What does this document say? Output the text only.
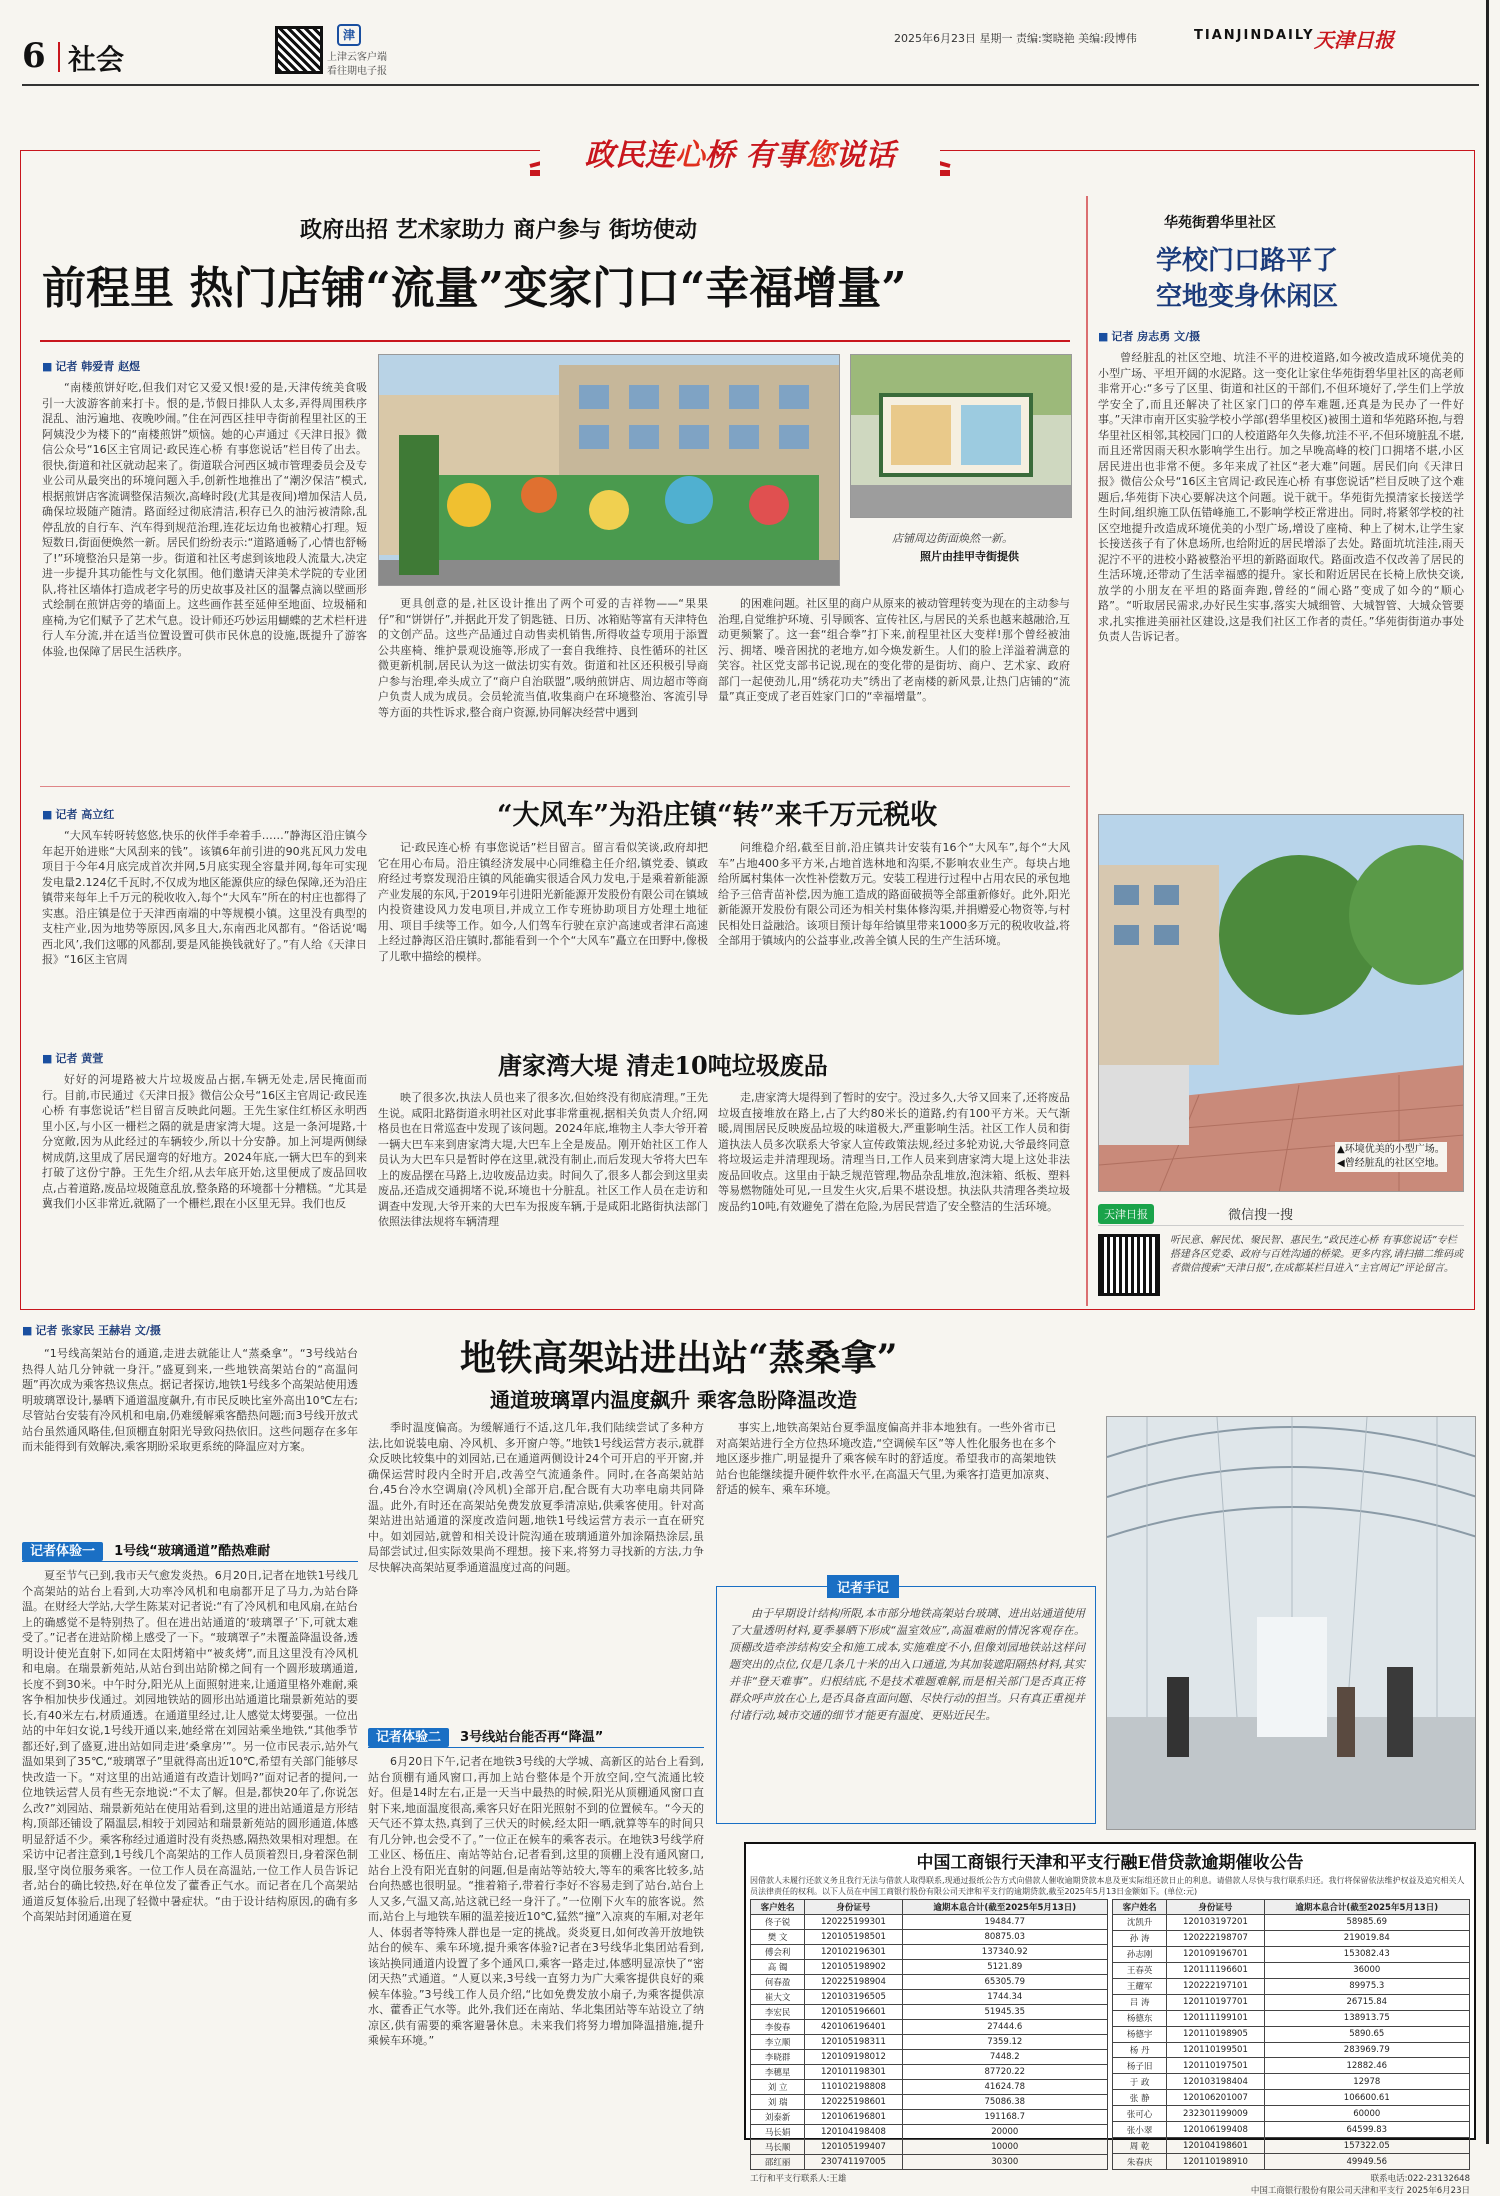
6 社会
津
上津云客户端
看往期电子报
2025年6月23日 星期一 责编:窦晓艳 美编:段博伟	TIANJINDAILY 天津日报
政民连心桥 有事您说话
政府出招 艺术家助力 商户参与 街坊使动
前程里 热门店铺“流量”变家门口“幸福增量”
■ 记者 韩爱青 赵煜

“南楼煎饼好吃,但我们对它又爱又恨!爱的是,天津传统美食吸引一大波游客前来打卡。恨的是,节假日排队人太多,弄得周围秩序混乱、油污遍地、夜晚吵闹。”住在河西区挂甲寺街前程里社区的王阿姨没少为楼下的“南楼煎饼”烦恼。她的心声通过《天津日报》微信公众号“16区主官周记·政民连心桥 有事您说话”栏目传了出去。很快,街道和社区就动起来了。街道联合河西区城市管理委员会及专业公司从最突出的环境问题入手,创新性地推出了“潮汐保洁”模式,根据煎饼店客流调整保洁频次,高峰时段(尤其是夜间)增加保洁人员,确保垃圾随产随清。路面经过彻底清洁,积存已久的油污被清除,乱停乱放的自行车、汽车得到规范治理,连花坛边角也被精心打理。短短数日,街面便焕然一新。居民们纷纷表示:“道路通畅了,心情也舒畅了!”环境整治只是第一步。街道和社区考虑到该地段人流量大,决定进一步提升其功能性与文化氛围。他们邀请天津美术学院的专业团队,将社区墙体打造成老字号的历史故事及社区的温馨点滴以壁画形式绘制在煎饼店旁的墙面上。这些画作甚至延伸至地面、垃圾桶和座椅,为它们赋予了艺术气息。设计师还巧妙运用蝴蝶的艺术栏杆进行人车分流,并在适当位置设置可供市民休息的设施,既提升了游客体验,也保障了居民生活秩序。

店铺周边街面焕然一新。
照片由挂甲寺街提供

更具创意的是,社区设计推出了两个可爱的吉祥物——“果果仔”和“饼饼仔”,并据此开发了钥匙链、日历、冰箱贴等富有天津特色的文创产品。这些产品通过自动售卖机销售,所得收益专项用于添置公共座椅、维护景观设施等,形成了一套自我维持、良性循环的社区微更新机制,居民认为这一做法切实有效。街道和社区还积极引导商户参与治理,牵头成立了“商户自治联盟”,吸纳煎饼店、周边超市等商户负责人成为成员。会员轮流当值,收集商户在环境整治、客流引导等方面的共性诉求,整合商户资源,协同解决经营中遇到

的困难问题。社区里的商户从原来的被动管理转变为现在的主动参与治理,自觉维护环境、引导顾客、宣传社区,与居民的关系也越来越融洽,互动更频繁了。这一套“组合拳”打下来,前程里社区大变样!那个曾经被油污、拥堵、噪音困扰的老地方,如今焕发新生。人们的脸上洋溢着满意的笑容。社区党支部书记说,现在的变化带的是街坊、商户、艺术家、政府部门一起使劲儿,用“绣花功夫”绣出了老南楼的新风景,让热门店铺的“流量”真正变成了老百姓家门口的“幸福增量”。

华苑街碧华里社区
学校门口路平了
空地变身休闲区
■ 记者 房志勇 文/摄

曾经脏乱的社区空地、坑洼不平的进校道路,如今被改造成环境优美的小型广场、平坦开阔的水泥路。这一变化让家住华苑街碧华里社区的高老师非常开心:“多亏了区里、街道和社区的干部们,不但环境好了,学生们上学放学安全了,而且还解决了社区家门口的停车难题,还真是为民办了一件好事。”天津市南开区实验学校小学部(碧华里校区)被围土道和华苑路环抱,与碧华里社区相邻,其校园门口的人校道路年久失修,坑洼不平,不但环境脏乱不堪,而且还常因雨天积水影响学生出行。加之早晚高峰的校门口拥堵不堪,小区居民进出也非常不便。多年来成了社区“老大难”问题。居民们向《天津日报》微信公众号“16区主官周记·政民连心桥 有事您说话”栏目反映了这个难题后,华苑街下决心要解决这个问题。说干就干。华苑街先摸清家长接送学生时间,组织施工队伍错峰施工,不影响学校正常进出。同时,将紧邻学校的社区空地提升改造成环境优美的小型广场,增设了座椅、种上了树木,让学生家长接送孩子有了休息场所,也给附近的居民增添了去处。路面坑坑洼洼,雨天泥泞不平的进校小路被整治平坦的新路面取代。路面改造不仅改善了居民的生活环境,还带动了生活幸福感的提升。家长和附近居民在长椅上欣快交谈,放学的小朋友在平坦的路面奔跑,曾经的“闹心路”变成了如今的“顺心路”。“听取居民需求,办好民生实事,落实大城细管、大城智管、大城众管要求,扎实推进美丽社区建设,这是我们社区工作者的责任。”华苑街街道办事处负责人告诉记者。

▲环境优美的小型广场。
◀曾经脏乱的社区空地。
“大风车”为沿庄镇“转”来千万元税收
■ 记者 高立红

“大风车转呀转悠悠,快乐的伙伴手牵着手……”静海区沿庄镇今年起开始进账“大风刮来的钱”。该镇6年前引进的90兆瓦风力发电项目于今年4月底完成首次并网,5月底实现全容量并网,每年可实现发电量2.124亿千瓦时,不仅成为地区能源供应的绿色保障,还为沿庄镇带来每年上千万元的税收收入,每个“大风车”所在的村庄也都得了实惠。沿庄镇是位于天津西南端的中等规模小镇。这里没有典型的支柱产业,因为地势等原因,风多且大,东南西北风都有。“俗话说‘喝西北风’,我们这哪的风都刮,要是风能换钱就好了。”有人给《天津日报》“16区主官周

记·政民连心桥 有事您说话”栏目留言。留言看似笑谈,政府却把它在用心布局。沿庄镇经济发展中心同维稳主任介绍,镇党委、镇政府经过考察发现沿庄镇的风能确实很适合风力发电,于是乘着新能源产业发展的东风,于2019年引进阳光新能源开发股份有限公司在镇域内投资建设风力发电项目,并成立工作专班协助项目方处理土地征用、项目手续等工作。如今,人们驾车行驶在京沪高速或者津石高速上经过静海区沿庄镇时,都能看到一个个“大风车”矗立在田野中,像极了儿歌中描绘的模样。

问维稳介绍,截至目前,沿庄镇共计安装有16个“大风车”,每个“大风车”占地400多平方米,占地首选林地和沟渠,不影响农业生产。每块占地给所属村集体一次性补偿数万元。安装工程进行过程中占用农民的承包地给予三倍青苗补偿,因为施工造成的路面破损等全部重新修好。此外,阳光新能源开发股份有限公司还为相关村集体修沟渠,并捐赠爱心物资等,与村民相处日益融洽。该项目预计每年给镇里带来1000多万元的税收收益,将全部用于镇域内的公益事业,改善全镇人民的生产生活环境。

唐家湾大堤 清走10吨垃圾废品
■ 记者 黄萱

好好的河堤路被大片垃圾废品占据,车辆无处走,居民掩面而行。目前,市民通过《天津日报》微信公众号“16区主官周记·政民连心桥 有事您说话”栏目留言反映此问题。王先生家住红桥区永明西里小区,与小区一栅栏之隔的就是唐家湾大堤。这是一条河堤路,十分宽敞,因为从此经过的车辆较少,所以十分安静。加上河堤两侧绿树成荫,这里成了居民遛弯的好地方。2024年底,一辆大巴车的到来打破了这份宁静。王先生介绍,从去年底开始,这里便成了废品回收点,占着道路,废品垃圾随意乱放,整条路的环境都十分糟糕。“尤其是冀我们小区非常近,就隔了一个栅栏,跟在小区里无异。我们也反

映了很多次,执法人员也来了很多次,但始终没有彻底清理。”王先生说。咸阳北路街道永明社区对此事非常重视,据相关负责人介绍,网格员也在日常巡查中发现了该问题。2024年底,堆物主人李大爷开着一辆大巴车来到唐家湾大堤,大巴车上全是废品。刚开始社区工作人员认为大巴车只是暂时停在这里,就没有制止,而后发现大爷将大巴车上的废品摆在马路上,边收废品边卖。时间久了,很多人都会到这里卖废品,还造成交通拥堵不说,环境也十分脏乱。社区工作人员在走访和调查中发现,大爷开来的大巴车为报废车辆,于是咸阳北路街执法部门依照法律法规将车辆清理

走,唐家湾大堤得到了暂时的安宁。没过多久,大爷又回来了,还将废品垃圾直接堆放在路上,占了大约80米长的道路,约有100平方米。天气渐暖,周围居民反映废品垃圾的味道极大,严重影响生活。社区工作人员和街道执法人员多次联系大爷家人宣传政策法规,经过多轮劝说,大爷最终同意将垃圾运走并清理现场。清理当日,工作人员来到唐家湾大堤上这处非法废品回收点。这里由于缺乏规范管理,物品杂乱堆放,泡沫箱、纸板、塑料等易燃物随处可见,一旦发生火灾,后果不堪设想。执法队共清理各类垃圾废品约10吨,有效避免了潜在危险,为居民营造了安全整洁的生活环境。

天津日报	微信搜一搜
听民意、解民忧、聚民智、惠民生,“政民连心桥 有事您说话”专栏搭建各区党委、政府与百姓沟通的桥梁。更多内容,请扫描二维码或者微信搜索“天津日报”,在成都某栏目进入“主官周记”评论留言。
■ 记者 张家民 王赫岩 文/摄
地铁高架站进出站“蒸桑拿”
通道玻璃罩内温度飙升 乘客急盼降温改造

“1号线高架站台的通道,走进去就能让人“蒸桑拿”。“3号线站台热得人站几分钟就一身汗。”盛夏到来,一些地铁高架站台的“高温问题”再次成为乘客热议焦点。据记者探访,地铁1号线多个高架站使用透明玻璃罩设计,暴晒下通道温度飙升,有市民反映比室外高出10℃左右;尽管站台安装有冷风机和电扇,仍难缓解乘客酷热问题;而3号线开放式站台虽然通风略佳,但顶棚直射阳光导致闷热依旧。这些问题存在多年而未能得到有效解决,乘客期盼采取更系统的降温应对方案。

记者体验一 1号线“玻璃通道”酷热难耐

夏至节气已到,我市天气愈发炎热。6月20日,记者在地铁1号线几个高架站的站台上看到,大功率冷风机和电扇都开足了马力,为站台降温。在财经大学站,大学生陈某对记者说:“有了冷风机和电风扇,在站台上的确感觉不是特别热了。但在进出站通道的‘玻璃罩子’下,可就太难受了。”记者在进站阶梯上感受了一下。“玻璃罩子”未覆盖降温设备,透明设计使光直射下,如同在太阳烤箱中“被炙烤”,而且这里没有冷风机和电扇。在瑞景新苑站,从站台到出站阶梯之间有一个圆形玻璃通道,长度不到30米。中午时分,阳光从上面照射进来,让通道里格外难耐,乘客争相加快步伐通过。刘园地铁站的圆形出站通道比瑞景新苑站的要长,有40米左右,材质通透。在通道里经过,让人感觉太烤要强。一位出站的中年妇女说,1号线开通以来,她经常在刘园站乘坐地铁,“其他季节都还好,到了盛夏,进出站如同走进‘桑拿房’”。另一位市民表示,站外气温如果到了35℃,“玻璃罩子”里就得高出近10℃,希望有关部门能够尽快改造一下。“对这里的出站通道有改造计划吗?”面对记者的提问,一位地铁运营人员有些无奈地说:“不太了解。但是,都快20年了,你说怎么改?”刘园站、瑞景新苑站在使用站看到,这里的进出站通道是方形结构,顶部还铺设了隔温层,相较于刘园站和瑞景新苑站的圆形通道,体感明显舒适不少。乘客称经过通道时没有炎热感,隔热效果相对理想。在采访中记者注意到,1号线几个高架站的工作人员顶着烈日,身着深色制服,坚守岗位服务乘客。一位工作人员在高温站,一位工作人员告诉记者,站台的确比较热,好在单位发了藿香正气水。而记者在几个高架站通道反复体验后,出现了轻微中暑症状。“由于设计结构原因,的确有多个高架站封闭通道在夏

季时温度偏高。为缓解通行不适,这几年,我们陆续尝试了多种方法,比如说装电扇、冷风机、多开窗户等。”地铁1号线运营方表示,就群众反映比较集中的刘园站,已在通道两侧设计24个可开启的平开窗,并确保运营时段内全时开启,改善空气流通条件。同时,在各高架站站台,45台冷水空调扇(冷风机)全部开启,配合既有大功率电扇共同降温。此外,有时还在高架站免费发放夏季清凉贴,供乘客使用。针对高架站进出站通道的深度改造问题,地铁1号线运营方表示一直在研究中。如刘园站,就曾和相关设计院沟通在玻璃通道外加涂隔热涂层,虽局部尝试过,但实际效果尚不理想。接下来,将努力寻找新的方法,力争尽快解决高架站夏季通道温度过高的问题。

记者体验二 3号线站台能否再“降温”

6月20日下午,记者在地铁3号线的大学城、高新区的站台上看到,站台顶棚有通风窗口,再加上站台整体是个开放空间,空气流通比较好。但是14时左右,正是一天当中最热的时候,阳光从顶棚通风窗口直射下来,地面温度很高,乘客只好在阳光照射不到的位置候车。“今天的天气还不算太热,真到了三伏天的时候,经太阳一晒,就算等车的时间只有几分钟,也会受不了。”一位正在候车的乘客表示。在地铁3号线学府工业区、杨伍庄、南站等站台,记者看到,这里的顶棚上没有通风窗口,站台上没有阳光直射的问题,但是南站等站较大,等车的乘客比较多,站台向热感也很明显。“推着箱子,带着行李好不容易走到了站台,站台上人又多,气温又高,站这就已经一身汗了。”一位刚下火车的旅客说。然而,站台上与地铁车厢的温差接近10℃,猛然“撞”入凉爽的车厢,对老年人、体弱者等特殊人群也是一定的挑战。炎炎夏日,如何改善开放地铁站台的候车、乘车环境,提升乘客体验?记者在3号线华北集团站看到,该站换同通道内设置了多个通风口,乘客一路走过,体感明显凉快了“密闭天热”式通道。“人夏以来,3号线一直努力为广大乘客提供良好的乘候车体验。”3号线工作人员介绍,“比如免费发放小扇子,为乘客提供凉水、藿香正气水等。此外,我们还在南站、华北集团站等车站设立了纳凉区,供有需要的乘客避暑休息。未来我们将努力增加降温措施,提升乘候车环境。”

事实上,地铁高架站台夏季温度偏高并非本地独有。一些外省市已对高架站进行全方位热环境改造,“空调候车区”等人性化服务也在多个地区逐步推广,明显提升了乘客候车时的舒适度。希望我市的高架地铁站台也能继续提升硬件软件水平,在高温天气里,为乘客打造更加凉爽、舒适的候车、乘车环境。

记者手记
由于早期设计结构所限,本市部分地铁高架站台玻璃、进出站通道使用了大量透明材料,夏季暴晒下形成“温室效应”,高温难耐的情况客观存在。顶棚改造牵涉结构安全和施工成本,实施难度不小,但像刘园地铁站这样问题突出的点位,仅是几条几十米的出入口通道,为其加装遮阳隔热材料,其实并非“登天难事”。归根结底,不是技术难题难解,而是相关部门是否真正将群众呼声放在心上,是否具备直面问题、尽快行动的担当。只有真正重视并付诸行动,城市交通的细节才能更有温度、更贴近民生。
中国工商银行天津和平支行融E借贷款逾期催收公告
因借款人未履行还款义务且我行无法与借款人取得联系,现通过报纸公告方式向借款人催收逾期贷款本息及更实际组还款日止的利息。请借款人尽快与我行联系归还。我行将保留依法维护权益及追究相关人员法律责任的权利。以下人员在中国工商银行股份有限公司天津和平支行的逾期贷款,截至2025年5月13日金额如下。(单位:元)
客户姓名	身份证号	逾期本息合计(截至2025年5月13日)
佟子锐	120225199301	19484.77
樊 文	120105198501	80875.03
傅会利	120102196301	137340.92
高 镯	120105198902	5121.89
何春盈	120225198904	65305.79
崔大文	120103196505	1744.34
李宏民	120105196601	51945.35
李俊春	420106196401	27444.6
李立顺	120105198311	7359.12
李晓群	120109198012	7448.2
李穗星	120101198301	87720.22
刘 立	110102198808	41624.78
刘 瑞	120225198601	75086.38
刘泰新	120106196801	191168.7
马长娟	120104198408	20000
马长顺	120105199407	10000
邵红丽	230741197005	30300
客户姓名	身份证号	逾期本息合计(截至2025年5月13日)
沈凯升	120103197201	58985.69
孙 涛	120222198707	219019.84
孙志刚	120109196701	153082.43
王春英	120111196601	36000
王耀军	120222197101	89975.3
吕 涛	120110197701	26715.84
杨德东	120111199101	138913.75
杨德宇	120110198905	5890.65
杨 丹	120110199501	283969.79
杨子旧	120110197501	12882.46
于 政	120103198404	12978
张 静	120106201007	106600.61
张可心	232301199009	60000
张小翠	120106199408	64599.83
周 乾	120104198601	157322.05
朱春庆	120110198910	49949.56
工行和平支行联系人:王雄	联系电话:022-23132648
中国工商银行股份有限公司天津和平支行 2025年6月23日
